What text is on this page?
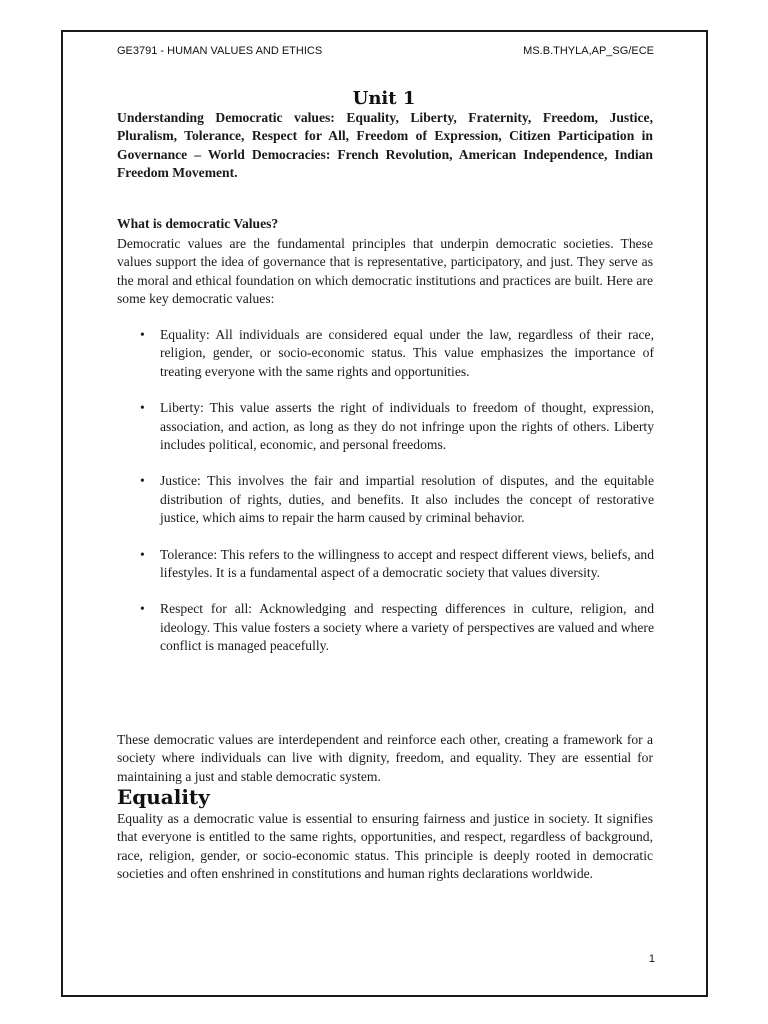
GE3791 - HUMAN VALUES AND ETHICS	MS.B.THYLA,AP_SG/ECE
Unit 1
Understanding Democratic values: Equality, Liberty, Fraternity, Freedom, Justice, Pluralism, Tolerance, Respect for All, Freedom of Expression, Citizen Participation in Governance – World Democracies: French Revolution, American Independence, Indian Freedom Movement.
What is democratic Values?
Democratic values are the fundamental principles that underpin democratic societies. These values support the idea of governance that is representative, participatory, and just. They serve as the moral and ethical foundation on which democratic institutions and practices are built. Here are some key democratic values:
• Equality: All individuals are considered equal under the law, regardless of their race, religion, gender, or socio-economic status. This value emphasizes the importance of treating everyone with the same rights and opportunities.
• Liberty: This value asserts the right of individuals to freedom of thought, expression, association, and action, as long as they do not infringe upon the rights of others. Liberty includes political, economic, and personal freedoms.
• Justice: This involves the fair and impartial resolution of disputes, and the equitable distribution of rights, duties, and benefits. It also includes the concept of restorative justice, which aims to repair the harm caused by criminal behavior.
• Tolerance: This refers to the willingness to accept and respect different views, beliefs, and lifestyles. It is a fundamental aspect of a democratic society that values diversity.
• Respect for all: Acknowledging and respecting differences in culture, religion, and ideology. This value fosters a society where a variety of perspectives are valued and where conflict is managed peacefully.
These democratic values are interdependent and reinforce each other, creating a framework for a society where individuals can live with dignity, freedom, and equality. They are essential for maintaining a just and stable democratic system.
Equality
Equality as a democratic value is essential to ensuring fairness and justice in society. It signifies that everyone is entitled to the same rights, opportunities, and respect, regardless of background, race, religion, gender, or socio-economic status. This principle is deeply rooted in democratic societies and often enshrined in constitutions and human rights declarations worldwide.
1
